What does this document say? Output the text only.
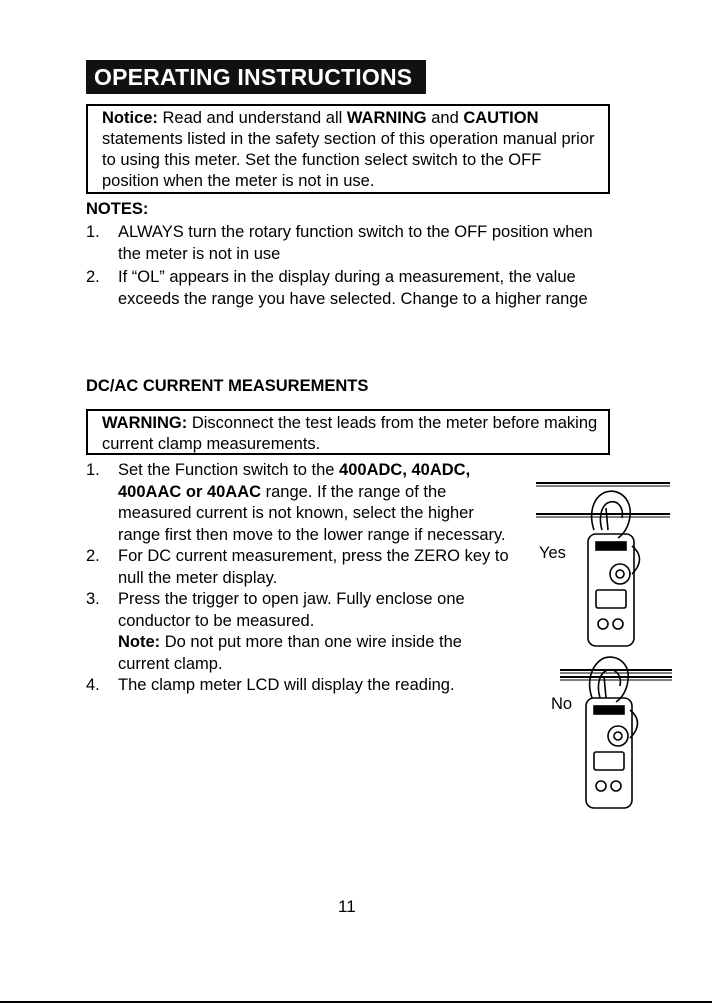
OPERATING INSTRUCTIONS
Notice: Read and understand all WARNING and CAUTION statements listed in the safety section of this operation manual prior to using this meter. Set the function select switch to the OFF position when the meter is not in use.
NOTES:
1. ALWAYS turn the rotary function switch to the OFF position when the meter is not in use
2. If “OL” appears in the display during a measurement, the value exceeds the range you have selected. Change to a higher range
DC/AC CURRENT MEASUREMENTS
WARNING: Disconnect the test leads from the meter before making current clamp measurements.
1. Set the Function switch to the 400ADC, 40ADC, 400AAC or 40AAC range. If the range of the measured current is not known, select the higher range first then move to the lower range if necessary.
2. For DC current measurement, press the ZERO key to null the meter display.
3. Press the trigger to open jaw. Fully enclose one conductor to be measured.
Note: Do not put more than one wire inside the current clamp.
4. The clamp meter LCD will display the reading.
Yes
No
11
